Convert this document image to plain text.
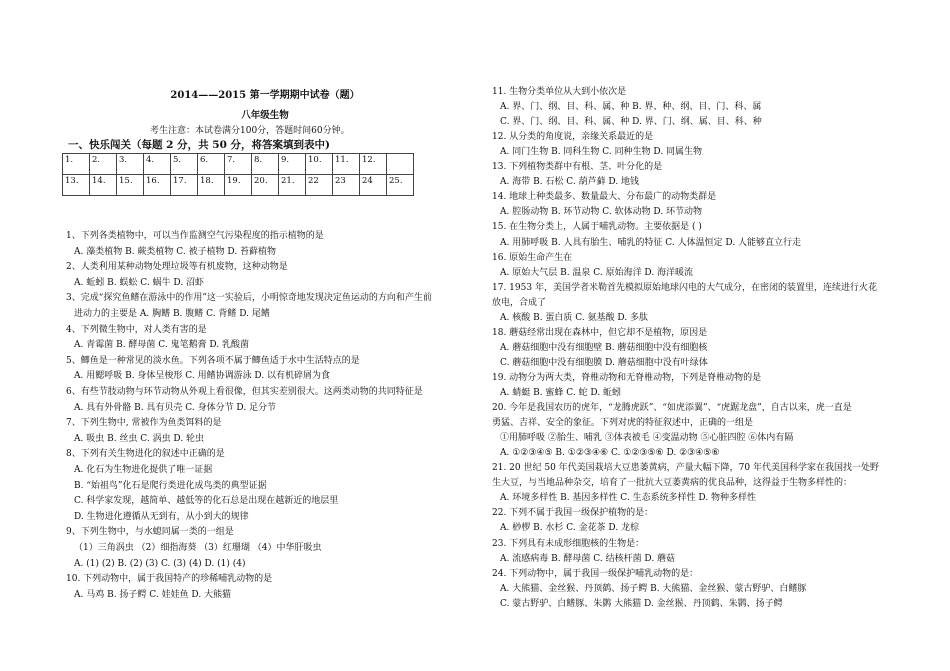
2014——2015 第一学期期中试卷（题）
八年级生物
考生注意：本试卷满分100分，答题时间60分钟。
一、快乐闯关（每题 2 分，共 50 分，将答案填到表中)
1.	2.	3.	4.	5.	6.	7.	8.	9.	10.	11.	12.	
13.	14.	15.	16.	17.	18.	19.	20.	21.	22	23	24	25.
1、下列各类植物中，可以当作监测空气污染程度的指示植物的是
A. 藻类植物 B. 蕨类植物 C. 被子植物 D. 苔藓植物
2、人类利用某种动物处理垃圾等有机废物，这种动物是
A. 蚯蚓 B. 蜈蚣 C. 蜗牛 D. 沼虾
3、完成“探究鱼鳍在游泳中的作用”这一实验后，小明惊奇地发现决定鱼运动的方向和产生前
进动力的主要是 A. 胸鳍 B. 腹鳍 C. 背鳍 D. 尾鳍
4、下列微生物中，对人类有害的是
A. 青霉菌 B. 酵母菌 C. 鬼笔鹅膏 D. 乳酸菌
5、鲫鱼是一种常见的淡水鱼。下列各项不属于鲫鱼适于水中生活特点的是
A. 用鳃呼吸 B. 身体呈梭形 C. 用鳍协调游泳 D. 以有机碎屑为食
6、有些节肢动物与环节动物从外观上看很像，但其实差别很大。这两类动物的共同特征是
A. 具有外骨骼 B. 具有贝壳 C. 身体分节 D. 足分节
7、下列生物中, 常被作为鱼类饵料的是
A. 吸虫 B. 丝虫 C. 涡虫 D. 轮虫
8、下列有关生物进化的叙述中正确的是
A. 化石为生物进化提供了唯一证据
B. “始祖鸟”化石是爬行类进化成鸟类的典型证据
C. 科学家发现，越简单、越低等的化石总是出现在越新近的地层里
D. 生物进化遵循从无到有，从小到大的规律
9、下列生物中，与水螅同属一类的一组是
（1）三角涡虫 （2）细指海葵 （3）红珊瑚 （4）中华肝吸虫
A. (1) (2) B. (2) (3) C. (3) (4) D. (1) (4)
10. 下列动物中，属于我国特产的珍稀哺乳动物的是
A. 马鸡 B. 扬子鳄 C. 娃娃鱼 D. 大熊猫
11. 生物分类单位从大到小依次是
A. 界、门、纲、目、科、属、种 B. 界、种、纲、目、门、科、属
C. 界、门、纲、目、科、属、种 D. 界、门、纲、属、目、科、种
12. 从分类的角度说，亲缘关系最近的是
A. 同门生物 B. 同科生物 C. 同种生物 D. 同属生物
13. 下列植物类群中有根、茎、叶分化的是
A. 海带 B. 石松 C. 葫芦藓 D. 地钱
14. 地球上种类最多、数量最大、分布最广的动物类群是
A. 腔肠动物 B. 环节动物 C. 软体动物 D. 环节动物
15. 在生物分类上，人属于哺乳动物。主要依据是 ( )
A. 用肺呼吸 B. 人具有胎生、哺乳的特征 C. 人体温恒定 D. 人能够直立行走
16. 原始生命产生在
A. 原始大气层 B. 温泉 C. 原始海洋 D. 海洋暖流
17. 1953 年，美国学者米勒首先模拟原始地球闪电的大气成分，在密闭的装置里，连续进行火花
放电，合成了
A. 核酸 B. 蛋白质 C. 氨基酸 D. 多肽
18. 蘑菇经常出现在森林中，但它却不是植物，原因是
A. 蘑菇细胞中没有细胞壁 B. 蘑菇细胞中没有细胞核
C. 蘑菇细胞中没有细胞膜 D. 蘑菇细胞中没有叶绿体
19. 动物分为两大类，脊椎动物和无脊椎动物，下列是脊椎动物的是
A. 蜻蜓 B. 蜜蜂 C. 蛇 D. 蚯蚓
20. 今年是我国农历的虎年，“龙腾虎跃”、“如虎添翼”、“虎踞龙盘”，自古以来，虎一直是
勇猛、吉祥、安全的象征。下列对虎的特征叙述中，正确的一组是
①用肺呼吸 ②胎生、哺乳 ③体表被毛 ④变温动物 ⑤心脏四腔 ⑥体内有隔
A. ①②③④⑤ B. ①②③④⑥ C. ①②③⑤⑥ D. ②③④⑤⑥
21. 20 世纪 50 年代美国栽培大豆患萎黄病，产量大幅下降，70 年代美国科学家在我国找一处野
生大豆，与当地品种杂交，培育了一批抗大豆萎黄病的优良品种，这得益于生物多样性的：
A. 环境多样性 B. 基因多样性 C. 生态系统多样性 D. 物种多样性
22. 下列不属于我国一级保护植物的是：
A. 桫椤 B. 水杉 C. 金花茶 D. 龙棕
23. 下列具有未成形细胞核的生物是：
A. 流感病毒 B. 酵母菌 C. 结核杆菌 D. 蘑菇
24. 下列动物中，属于我国一级保护哺乳动物的是：
A. 大熊猫、金丝猴、丹顶鹤、扬子鳄 B. 大熊猫、金丝猴、蒙古野驴、白鳍豚
C. 蒙古野驴、白鳍豚、朱鹮 大熊猫 D. 金丝猴、丹顶鹤、朱鹮、扬子鳄
